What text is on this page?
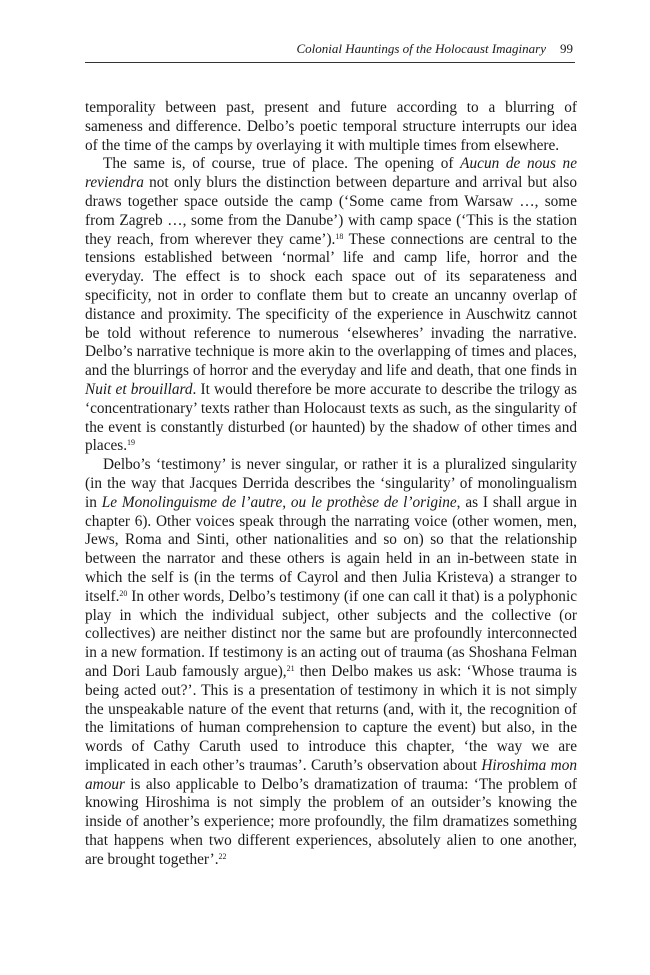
Colonial Hauntings of the Holocaust Imaginary 99

temporality between past, present and future according to a blurring of sameness and difference. Delbo’s poetic temporal structure interrupts our idea of the time of the camps by overlaying it with multiple times from elsewhere.

The same is, of course, true of place. The opening of Aucun de nous ne reviendra not only blurs the distinction between departure and arrival but also draws together space outside the camp (‘Some came from Warsaw …, some from Zagreb …, some from the Danube’) with camp space (‘This is the station they reach, from wherever they came’).$^{18}$ These connections are central to the tensions established between ‘normal’ life and camp life, horror and the everyday. The effect is to shock each space out of its separateness and specificity, not in order to conflate them but to create an uncanny overlap of distance and proximity. The specificity of the experience in Auschwitz cannot be told without reference to numerous ‘elsewheres’ invading the narrative. Delbo’s narrative technique is more akin to the overlapping of times and places, and the blurrings of horror and the everyday and life and death, that one finds in Nuit et brouillard. It would therefore be more accurate to describe the trilogy as ‘concentrationary’ texts rather than Holocaust texts as such, as the singularity of the event is constantly disturbed (or haunted) by the shadow of other times and places.$^{19}$

Delbo’s ‘testimony’ is never singular, or rather it is a pluralized singularity (in the way that Jacques Derrida describes the ‘singularity’ of monolingualism in Le Monolinguisme de l’autre, ou le prothèse de l’origine, as I shall argue in chapter 6). Other voices speak through the narrating voice (other women, men, Jews, Roma and Sinti, other nationalities and so on) so that the relationship between the narrator and these others is again held in an in-between state in which the self is (in the terms of Cayrol and then Julia Kristeva) a stranger to itself.$^{20}$ In other words, Delbo’s testimony (if one can call it that) is a polyphonic play in which the individual subject, other subjects and the collective (or collectives) are neither distinct nor the same but are profoundly interconnected in a new formation. If testimony is an acting out of trauma (as Shoshana Felman and Dori Laub famously argue),$^{21}$ then Delbo makes us ask: ‘Whose trauma is being acted out?’. This is a presentation of testimony in which it is not simply the unspeakable nature of the event that returns (and, with it, the recognition of the limitations of human comprehension to capture the event) but also, in the words of Cathy Caruth used to introduce this chapter, ‘the way we are implicated in each other’s traumas’. Caruth’s observation about Hiroshima mon amour is also applicable to Delbo’s dramatization of trauma: ‘The problem of knowing Hiroshima is not simply the problem of an outsider’s knowing the inside of another’s experience; more profoundly, the film dramatizes something that happens when two different experiences, absolutely alien to one another, are brought together’.$^{22}$
